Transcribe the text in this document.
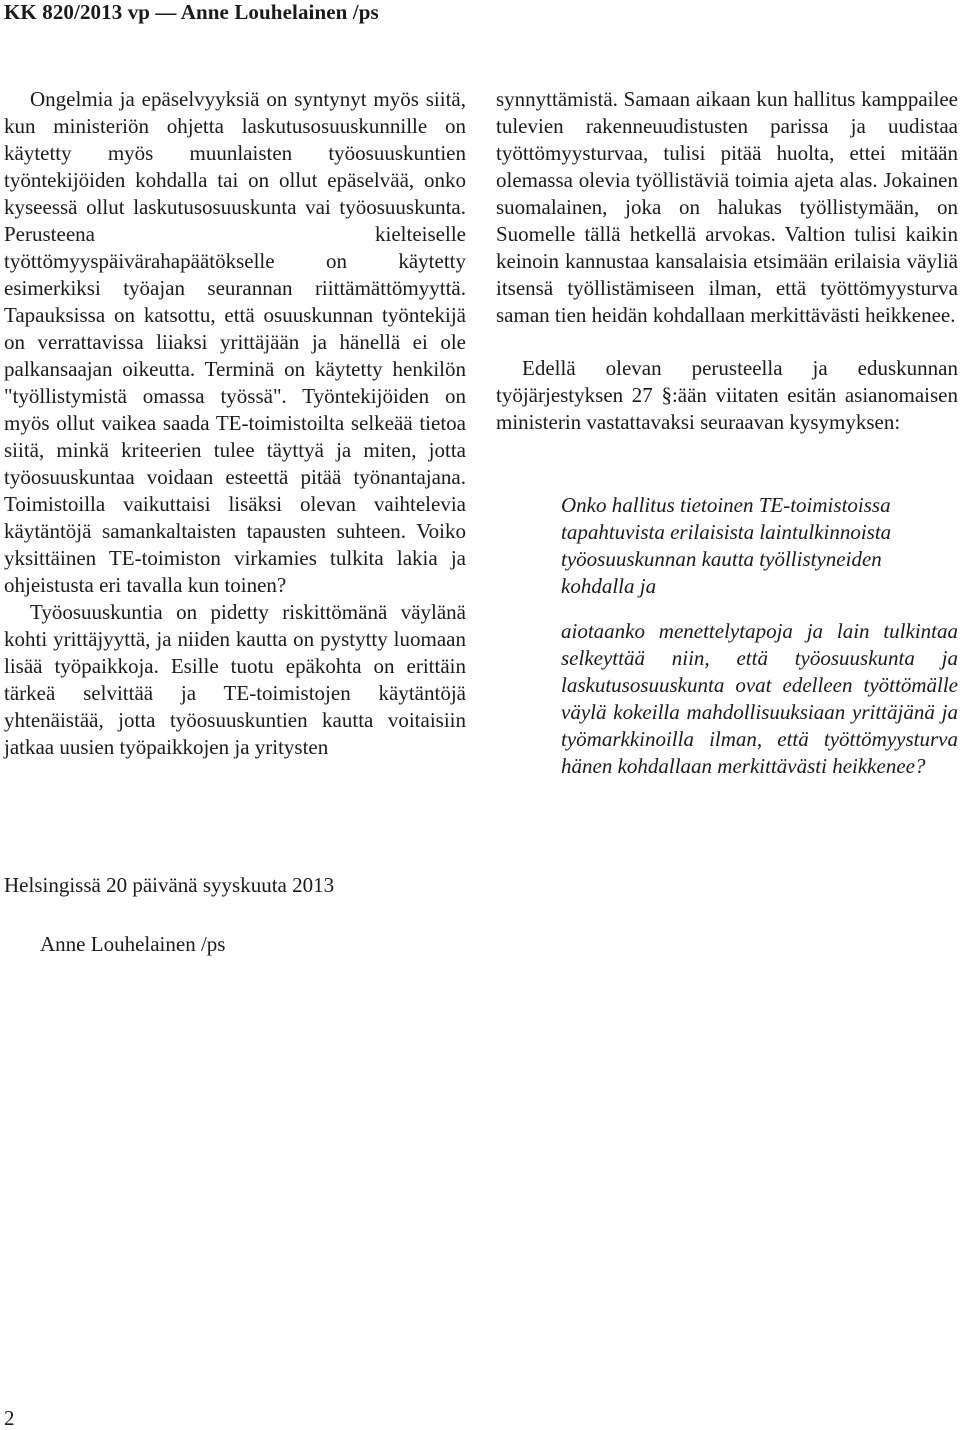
KK 820/2013 vp — Anne Louhelainen /ps

Ongelmia ja epäselvyyksiä on syntynyt myös siitä, kun ministeriön ohjetta laskutusosuuskunnille on käytetty myös muunlaisten työosuuskuntien työntekijöiden kohdalla tai on ollut epäselvää, onko kyseessä ollut laskutusosuuskunta vai työosuuskunta. Perusteena kielteiselle työttömyyspäivärahapäätökselle on käytetty esimerkiksi työajan seurannan riittämättömyyttä. Tapauksissa on katsottu, että osuuskunnan työntekijä on verrattavissa liiaksi yrittäjään ja hänellä ei ole palkansaajan oikeutta. Terminä on käytetty henkilön "työllistymistä omassa työssä". Työntekijöiden on myös ollut vaikea saada TE-toimistoilta selkeää tietoa siitä, minkä kriteerien tulee täyttyä ja miten, jotta työosuuskuntaa voidaan esteettä pitää työnantajana. Toimistoilla vaikuttaisi lisäksi olevan vaihtelevia käytäntöjä samankaltaisten tapausten suhteen. Voiko yksittäinen TE-toimiston virkamies tulkita lakia ja ohjeistusta eri tavalla kun toinen?

Työosuuskuntia on pidetty riskittömänä väylänä kohti yrittäjyyttä, ja niiden kautta on pystytty luomaan lisää työpaikkoja. Esille tuotu epäkohta on erittäin tärkeä selvittää ja TE-toimistojen käytäntöjä yhtenäistää, jotta työosuuskuntien kautta voitaisiin jatkaa uusien työpaikkojen ja yritysten

synnyttämistä. Samaan aikaan kun hallitus kamppailee tulevien rakenneuudistusten parissa ja uudistaa työttömyysturvaa, tulisi pitää huolta, ettei mitään olemassa olevia työllistäviä toimia ajeta alas. Jokainen suomalainen, joka on halukas työllistymään, on Suomelle tällä hetkellä arvokas. Valtion tulisi kaikin keinoin kannustaa kansalaisia etsimään erilaisia väyliä itsensä työllistämiseen ilman, että työttömyysturva saman tien heidän kohdallaan merkittävästi heikkenee.

Edellä olevan perusteella ja eduskunnan työjärjestyksen 27 §:ään viitaten esitän asianomaisen ministerin vastattavaksi seuraavan kysymyksen:

Onko hallitus tietoinen TE-toimistoissa tapahtuvista erilaisista laintulkinnoista työosuuskunnan kautta työllistyneiden kohdalla ja
aiotaanko menettelytapoja ja lain tulkintaa selkeyttää niin, että työosuuskunta ja laskutusosuuskunta ovat edelleen työttömälle väylä kokeilla mahdollisuuksiaan yrittäjänä ja työmarkkinoilla ilman, että työttömyysturva hänen kohdallaan merkittävästi heikkenee?
Helsingissä 20 päivänä syyskuuta 2013
Anne Louhelainen /ps
2
